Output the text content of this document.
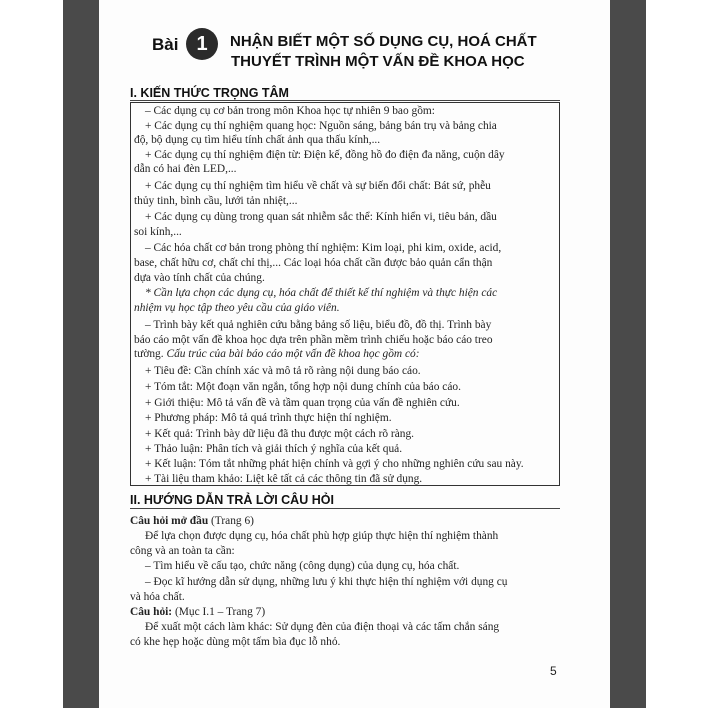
Bài 1	NHẬN BIẾT MỘT SỐ DỤNG CỤ, HOÁ CHẤT
THUYẾT TRÌNH MỘT VẤN ĐỀ KHOA HỌC
I. KIẾN THỨC TRỌNG TÂM
– Các dụng cụ cơ bản trong môn Khoa học tự nhiên 9 bao gồm:
+ Các dụng cụ thí nghiệm quang học: Nguồn sáng, bảng bán trụ và bảng chia
độ, bộ dụng cụ tìm hiểu tính chất ảnh qua thấu kính,...
+ Các dụng cụ thí nghiệm điện từ: Điện kế, đồng hồ đo điện đa năng, cuộn dây
dẫn có hai đèn LED,...
+ Các dụng cụ thí nghiệm tìm hiểu về chất và sự biến đổi chất: Bát sứ, phễu
thủy tinh, bình cầu, lưới tản nhiệt,...
+ Các dụng cụ dùng trong quan sát nhiễm sắc thể: Kính hiển vi, tiêu bản, dầu
soi kính,...
– Các hóa chất cơ bản trong phòng thí nghiệm: Kim loại, phi kim, oxide, acid,
base, chất hữu cơ, chất chỉ thị,... Các loại hóa chất cần được bảo quản cẩn thận
dựa vào tính chất của chúng.
* Cần lựa chọn các dụng cụ, hóa chất để thiết kế thí nghiệm và thực hiện các
nhiệm vụ học tập theo yêu cầu của giáo viên.
– Trình bày kết quả nghiên cứu bằng bảng số liệu, biểu đồ, đồ thị. Trình bày
báo cáo một vấn đề khoa học dựa trên phần mềm trình chiếu hoặc báo cáo treo
tường. Cấu trúc của bài báo cáo một vấn đề khoa học gồm có:
+ Tiêu đề: Cần chính xác và mô tả rõ ràng nội dung báo cáo.
+ Tóm tắt: Một đoạn văn ngắn, tổng hợp nội dung chính của báo cáo.
+ Giới thiệu: Mô tả vấn đề và tầm quan trọng của vấn đề nghiên cứu.
+ Phương pháp: Mô tả quá trình thực hiện thí nghiệm.
+ Kết quả: Trình bày dữ liệu đã thu được một cách rõ ràng.
+ Thảo luận: Phân tích và giải thích ý nghĩa của kết quả.
+ Kết luận: Tóm tắt những phát hiện chính và gợi ý cho những nghiên cứu sau này.
+ Tài liệu tham khảo: Liệt kê tất cả các thông tin đã sử dụng.
II. HƯỚNG DẪN TRẢ LỜI CÂU HỎI
Câu hỏi mở đầu (Trang 6)
Để lựa chọn được dụng cụ, hóa chất phù hợp giúp thực hiện thí nghiệm thành
công và an toàn ta cần:
– Tìm hiểu về cấu tạo, chức năng (công dụng) của dụng cụ, hóa chất.
– Đọc kĩ hướng dẫn sử dụng, những lưu ý khi thực hiện thí nghiệm với dụng cụ
và hóa chất.
Câu hỏi: (Mục I.1 – Trang 7)
Để xuất một cách làm khác: Sử dụng đèn của điện thoại và các tấm chắn sáng
có khe hẹp hoặc dùng một tấm bìa đục lỗ nhỏ.
5
